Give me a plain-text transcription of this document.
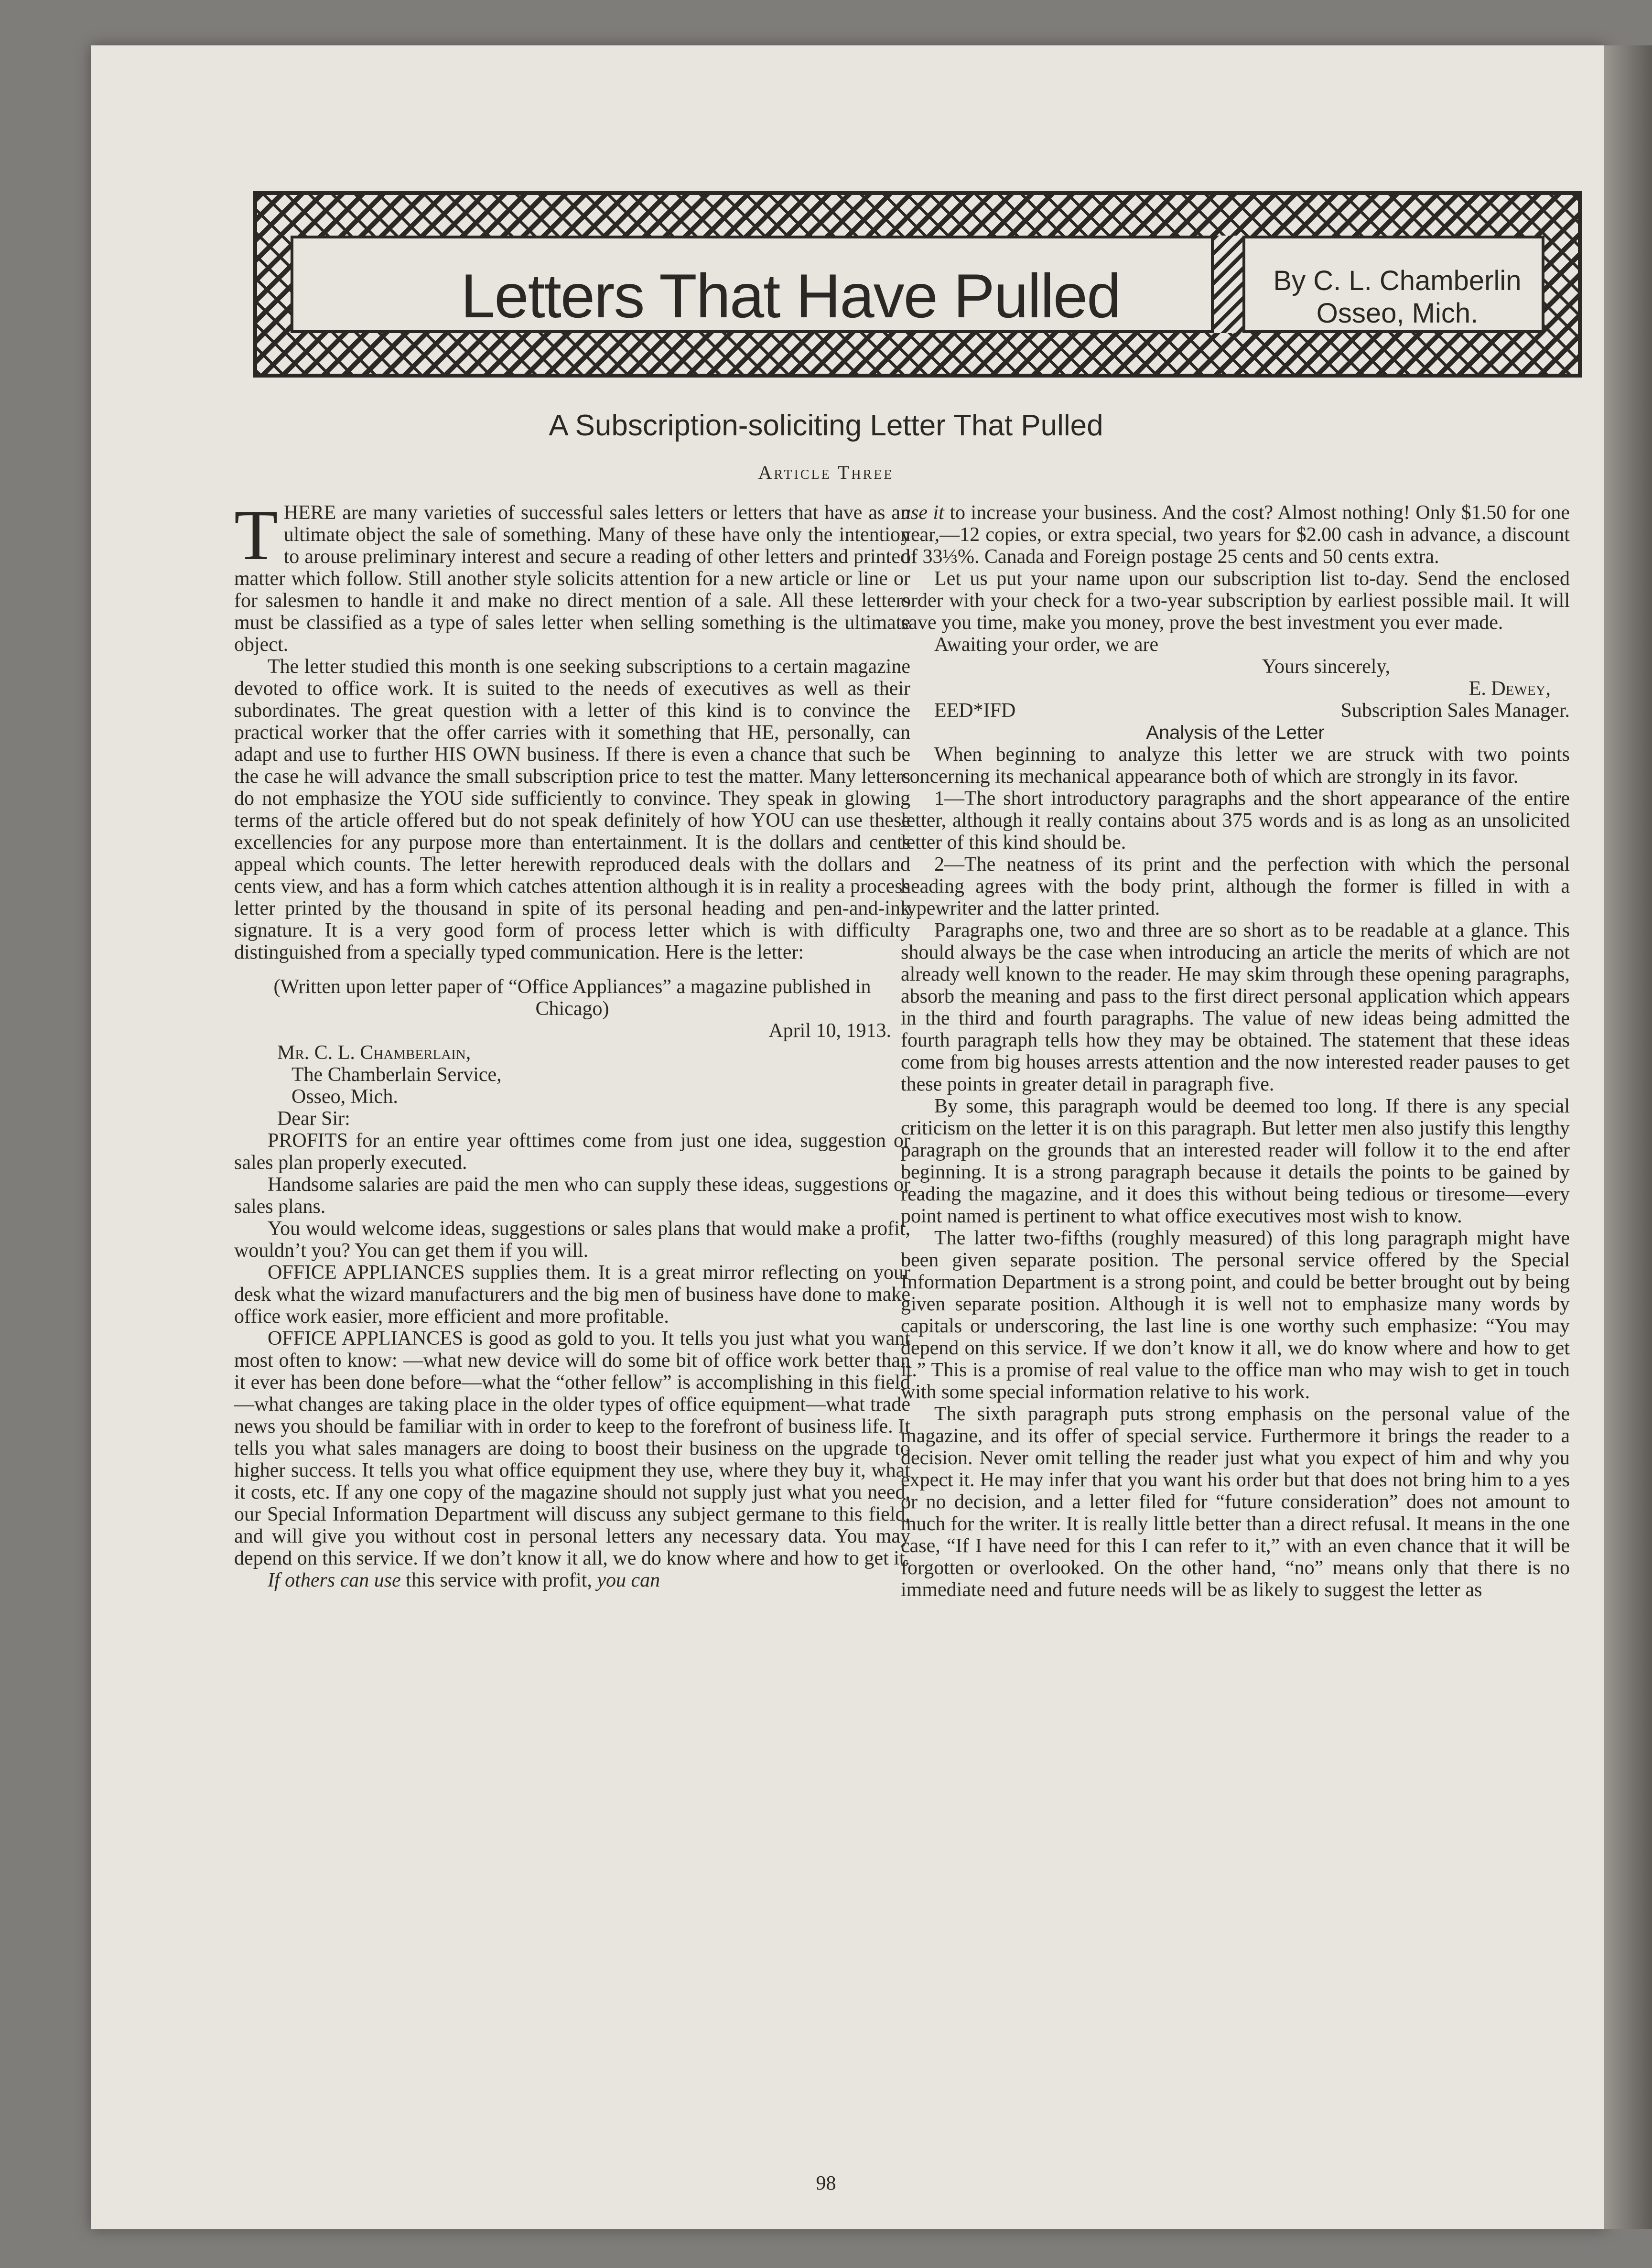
Letters That Have Pulled	By C. L. Chamberlin
Osseo, Mich.
A Subscription-soliciting Letter That Pulled
Article Three

THERE are many varieties of successful sales letters or letters that have as an ultimate object the sale of something. Many of these have only the intention to arouse preliminary interest and secure a reading of other letters and printed matter which follow. Still another style solicits attention for a new article or line or for salesmen to handle it and make no direct mention of a sale. All these letters must be classified as a type of sales letter when selling something is the ultimate object.

The letter studied this month is one seeking subscriptions to a certain magazine devoted to office work. It is suited to the needs of executives as well as their subordinates. The great question with a letter of this kind is to convince the practical worker that the offer carries with it something that HE, personally, can adapt and use to further HIS OWN business. If there is even a chance that such be the case he will advance the small subscription price to test the matter. Many letters do not emphasize the YOU side sufficiently to convince. They speak in glowing terms of the article offered but do not speak definitely of how YOU can use these excellencies for any purpose more than entertainment. It is the dollars and cents appeal which counts. The letter herewith reproduced deals with the dollars and cents view, and has a form which catches attention although it is in reality a process letter printed by the thousand in spite of its personal heading and pen-and-ink signature. It is a very good form of process letter which is with difficulty distinguished from a specially typed communication. Here is the letter:

(Written upon letter paper of “Office Appliances” a magazine published in Chicago)

April 10, 1913.

Mr. C. L. Chamberlain,

The Chamberlain Service,

Osseo, Mich.

Dear Sir:

PROFITS for an entire year ofttimes come from just one idea, suggestion or sales plan properly executed.

Handsome salaries are paid the men who can supply these ideas, suggestions or sales plans.

You would welcome ideas, suggestions or sales plans that would make a profit, wouldn’t you? You can get them if you will.

OFFICE APPLIANCES supplies them. It is a great mirror reflecting on your desk what the wizard manufacturers and the big men of business have done to make office work easier, more efficient and more profitable.

OFFICE APPLIANCES is good as gold to you. It tells you just what you want most often to know: —what new device will do some bit of office work better than it ever has been done before—what the “other fellow” is accomplishing in this field—what changes are taking place in the older types of office equipment—what trade news you should be familiar with in order to keep to the forefront of business life. It tells you what sales managers are doing to boost their business on the upgrade to higher success. It tells you what office equipment they use, where they buy it, what it costs, etc. If any one copy of the magazine should not supply just what you need, our Special Information Department will discuss any subject germane to this field, and will give you without cost in personal letters any necessary data. You may depend on this service. If we don’t know it all, we do know where and how to get it.

If others can use this service with profit, you can

use it to increase your business. And the cost? Almost nothing! Only $1.50 for one year,—12 copies, or extra special, two years for $2.00 cash in advance, a discount of 33⅓%. Canada and Foreign postage 25 cents and 50 cents extra.

Let us put your name upon our subscription list to-day. Send the enclosed order with your check for a two-year subscription by earliest possible mail. It will save you time, make you money, prove the best investment you ever made.

Awaiting your order, we are

Yours sincerely,

E. Dewey,

EED*IFD	Subscription Sales Manager.

Analysis of the Letter

When beginning to analyze this letter we are struck with two points concerning its mechanical appearance both of which are strongly in its favor.

1—The short introductory paragraphs and the short appearance of the entire letter, although it really contains about 375 words and is as long as an unsolicited letter of this kind should be.

2—The neatness of its print and the perfection with which the personal heading agrees with the body print, although the former is filled in with a typewriter and the latter printed.

Paragraphs one, two and three are so short as to be readable at a glance. This should always be the case when introducing an article the merits of which are not already well known to the reader. He may skim through these opening paragraphs, absorb the meaning and pass to the first direct personal application which appears in the third and fourth paragraphs. The value of new ideas being admitted the fourth paragraph tells how they may be obtained. The statement that these ideas come from big houses arrests attention and the now interested reader pauses to get these points in greater detail in paragraph five.

By some, this paragraph would be deemed too long. If there is any special criticism on the letter it is on this paragraph. But letter men also justify this lengthy paragraph on the grounds that an interested reader will follow it to the end after beginning. It is a strong paragraph because it details the points to be gained by reading the magazine, and it does this without being tedious or tiresome—every point named is pertinent to what office executives most wish to know.

The latter two-fifths (roughly measured) of this long paragraph might have been given separate position. The personal service offered by the Special Information Department is a strong point, and could be better brought out by being given separate position. Although it is well not to emphasize many words by capitals or underscoring, the last line is one worthy such emphasize: “You may depend on this service. If we don’t know it all, we do know where and how to get it.” This is a promise of real value to the office man who may wish to get in touch with some special information relative to his work.

The sixth paragraph puts strong emphasis on the personal value of the magazine, and its offer of special service. Furthermore it brings the reader to a decision. Never omit telling the reader just what you expect of him and why you expect it. He may infer that you want his order but that does not bring him to a yes or no decision, and a letter filed for “future consideration” does not amount to much for the writer. It is really little better than a direct refusal. It means in the one case, “If I have need for this I can refer to it,” with an even chance that it will be forgotten or overlooked. On the other hand, “no” means only that there is no immediate need and future needs will be as likely to suggest the letter as

98
